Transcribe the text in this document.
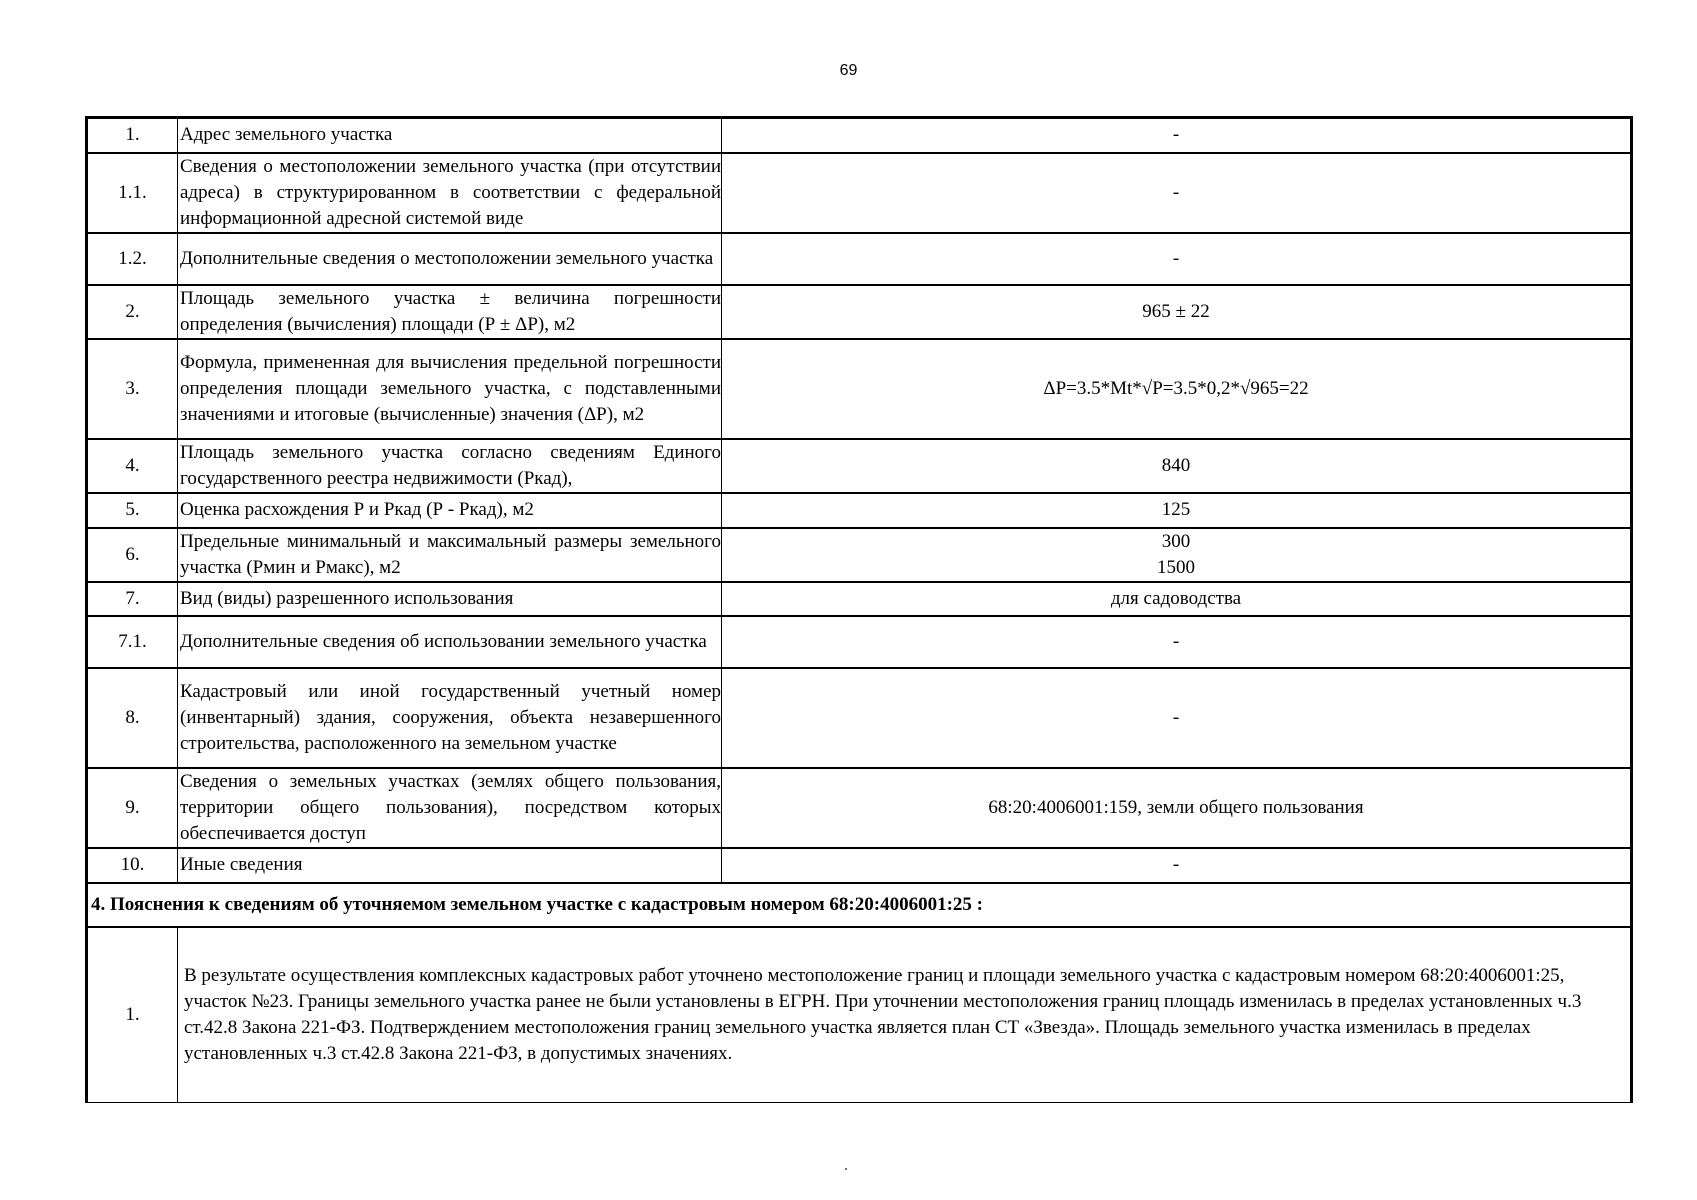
69
1.	Адрес земельного участка	-
1.1.	Сведения о местоположении земельного участка (при отсутствии адреса) в структурированном в соответствии с федеральной информационной адресной системой виде	-
1.2.	Дополнительные сведения о местоположении земельного участка	-
2.	Площадь земельного участка ± величина погрешности определения (вычисления) площади (Р ± ΔР), м2	965 ± 22
3.	Формула, примененная для вычисления предельной погрешности определения площади земельного участка, с подставленными значениями и итоговые (вычисленные) значения (ΔР), м2	ΔР=3.5*Mt*√P=3.5*0,2*√965=22
4.	Площадь земельного участка согласно сведениям Единого государственного реестра недвижимости (Ркад),	840
5.	Оценка расхождения Р и Ркад (Р - Ркад), м2	125
6.	Предельные минимальный и максимальный размеры земельного участка (Рмин и Рмакс), м2	300
1500

7.	Вид (виды) разрешенного использования	для садоводства
7.1.	Дополнительные сведения об использовании земельного участка	-
8.	Кадастровый или иной государственный учетный номер (инвентарный) здания, сооружения, объекта незавершенного строительства, расположенного на земельном участке	-
9.	Сведения о земельных участках (землях общего пользования, территории общего пользования), посредством которых обеспечивается доступ	68:20:4006001:159, земли общего пользования
10.	Иные сведения	-
4. Пояснения к сведениям об уточняемом земельном участке с кадастровым номером 68:20:4006001:25 :		
1.	В результате осуществления комплексных кадастровых работ уточнено местоположение границ и площади земельного участка с кадастровым номером 68:20:4006001:25, участок №23. Границы земельного участка ранее не были установлены в ЕГРН. При уточнении местоположения границ площадь изменилась в пределах установленных ч.3 ст.42.8 Закона 221-ФЗ. Подтверждением местоположения границ земельного участка является план СТ «Звезда». Площадь земельного участка изменилась в пределах установленных ч.3 ст.42.8 Закона 221-ФЗ, в допустимых значениях.	
